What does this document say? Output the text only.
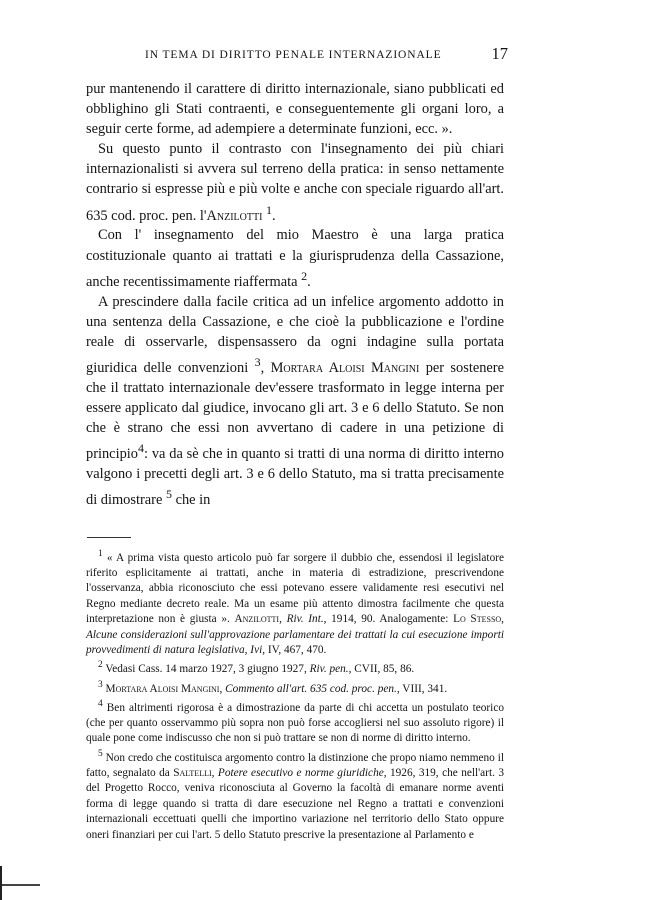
IN TEMA DI DIRITTO PENALE INTERNAZIONALE	17

pur mantenendo il carattere di diritto internazionale, siano pubblicati ed obblighino gli Stati contraenti, e conseguentemente gli organi loro, a seguir certe forme, ad adempiere a determinate funzioni, ecc. ».

Su questo punto il contrasto con l'insegnamento dei più chiari internazionalisti si avvera sul terreno della pratica: in senso nettamente contrario si espresse più e più volte e anche con speciale riguardo all'art. 635 cod. proc. pen. l'Anzilotti $^1$.

Con l' insegnamento del mio Maestro è una larga pratica costituzionale quanto ai trattati e la giurisprudenza della Cassazione, anche recentissimamente riaffermata $^2$.

A prescindere dalla facile critica ad un infelice argomento addotto in una sentenza della Cassazione, e che cioè la pubblicazione e l'ordine reale di osservarle, dispensassero da ogni indagine sulla portata giuridica delle convenzioni $^3$, Mortara Aloisi Mangini per sostenere che il trattato internazionale dev'essere trasformato in legge interna per essere applicato dal giudice, invocano gli art. 3 e 6 dello Statuto. Se non che è strano che essi non avvertano di cadere in una petizione di principio$^4$: va da sè che in quanto si tratti di una norma di diritto interno valgono i precetti degli art. 3 e 6 dello Statuto, ma si tratta precisamente di dimostrare $^5$ che in

$^1$ « A prima vista questo articolo può far sorgere il dubbio che, essendosi il legislatore riferito esplicitamente ai trattati, anche in materia di estradizione, prescrivendone l'osservanza, abbia riconosciuto che essi potevano essere validamente resi esecutivi nel Regno mediante decreto reale. Ma un esame più attento dimostra facilmente che questa interpretazione non è giusta ». Anzilotti, Riv. Int., 1914, 90. Analogamente: Lo Stesso, Alcune considerazioni sull'approvazione parlamentare dei trattati la cui esecuzione importi provvedimenti di natura legislativa, Ivi, IV, 467, 470.

$^2$ Vedasi Cass. 14 marzo 1927, 3 giugno 1927, Riv. pen., CVII, 85, 86.

$^3$ Mortara Aloisi Mangini, Commento all'art. 635 cod. proc. pen., VIII, 341.

$^4$ Ben altrimenti rigorosa è a dimostrazione da parte di chi accetta un postulato teorico (che per quanto osservammo più sopra non può forse accogliersi nel suo assoluto rigore) il quale pone come indiscusso che non si può trattare se non di norme di diritto interno.

$^5$ Non credo che costituisca argomento contro la distinzione che propo niamo nemmeno il fatto, segnalato da Saltelli, Potere esecutivo e norme giuridiche, 1926, 319, che nell'art. 3 del Progetto Rocco, veniva riconosciuta al Governo la facoltà di emanare norme aventi forma di legge quando si tratta di dare esecuzione nel Regno a trattati e convenzioni internazionali eccettuati quelli che importino variazione nel territorio dello Stato oppure oneri finanziari per cui l'art. 5 dello Statuto prescrive la presentazione al Parlamento e
